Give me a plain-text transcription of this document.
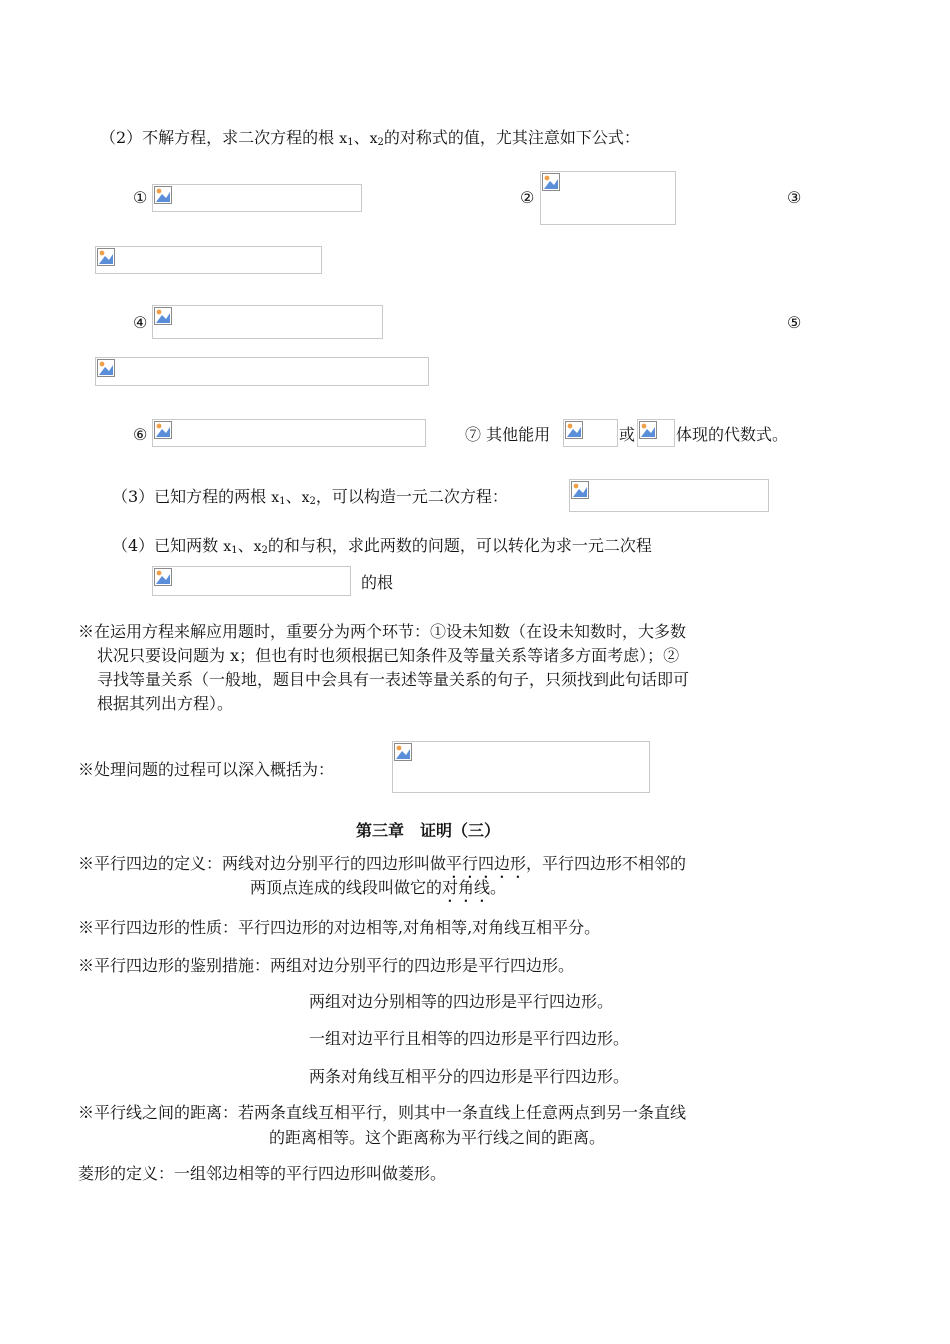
（2）不解方程，求二次方程的根 $x_1$、$x_2$的对称式的值，尤其注意如下公式：
①	②	③
④	⑤
⑥	⑦ 其他能用	或	体现的代数式。
（3）已知方程的两根 $x_1$、$x_2$，可以构造一元二次方程：
（4）已知两数 $x_1$、$x_2$的和与积，求此两数的问题，可以转化为求一元二次程
的根
※在运用方程来解应用题时，重要分为两个环节：①设未知数（在设未知数时，大多数
状况只要设问题为 x；但也有时也须根据已知条件及等量关系等诸多方面考虑）；②
寻找等量关系（一般地，题目中会具有一表述等量关系的句子，只须找到此句话即可
根据其列出方程）。
※处理问题的过程可以深入概括为：
第三章　证明（三）
※平行四边的定义：两线对边分别平行的四边形叫做平行四边形，平行四边形不相邻的
两顶点连成的线段叫做它的对角线。
※平行四边形的性质：平行四边形的对边相等,对角相等,对角线互相平分。
※平行四边形的鉴别措施：两组对边分别平行的四边形是平行四边形。
两组对边分别相等的四边形是平行四边形。
一组对边平行且相等的四边形是平行四边形。
两条对角线互相平分的四边形是平行四边形。
※平行线之间的距离：若两条直线互相平行，则其中一条直线上任意两点到另一条直线
的距离相等。这个距离称为平行线之间的距离。
菱形的定义：一组邻边相等的平行四边形叫做菱形。
